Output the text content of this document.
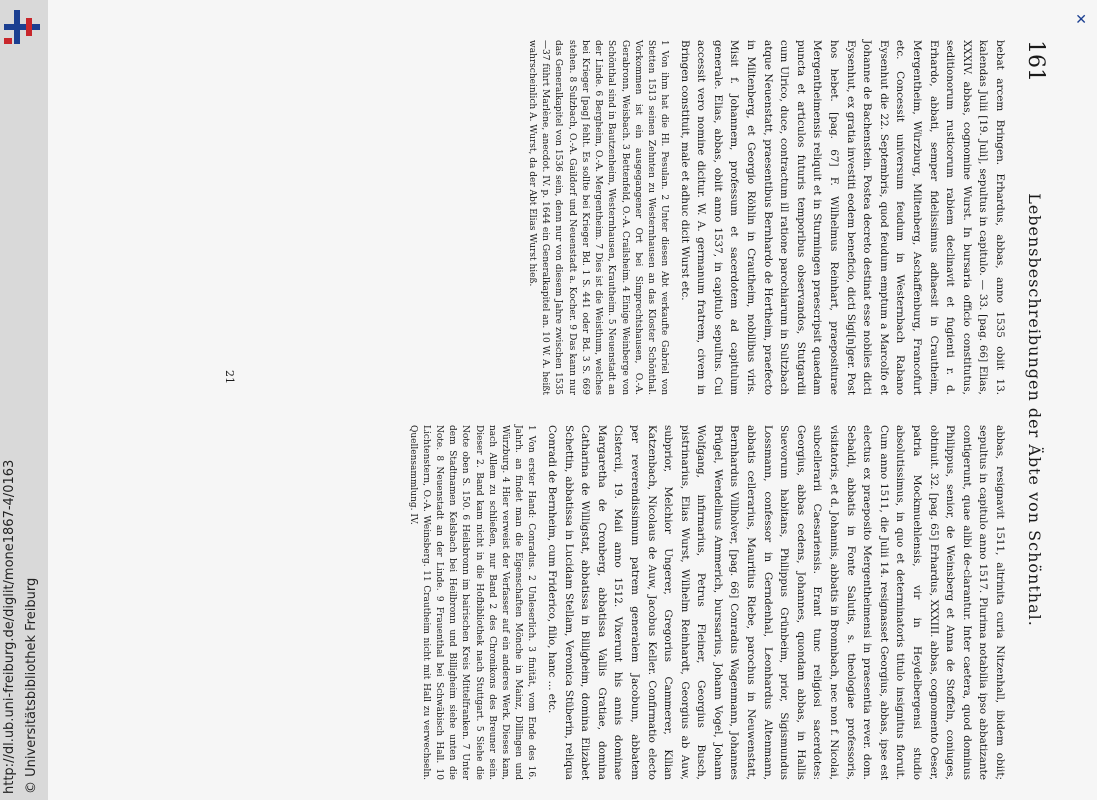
http://dl.ub.uni-freiburg.de/diglit/mone1867-4/0163 © Universitätsbibliothek Freiburg
✕
161
Lebensbeschreibungen der Äbte von Schönthal.

bebat arcem Bringen. Erhardus, abbas, anno 1535 obiit 13. kalendas Julii [19. Juli], sepultus in capitulo. — 33. [pag. 66] Elias, XXXIV. abbas, cognomine Wurst. In bursaria officio constitutus, seditionorum rusticorum rabiem declinavit et fugienti r. d. Erhardo, abbati, semper fidelissimus adhaesit in Crautheim, Mergentheim, Würzburg, Miltenberg, Aschaffenburg, Francofurt etc. Concessit universum feudum in Westernbach Rabano Eysenhut die 22. Septembris, quod feudum emptum a Marcolfo et Johanne de Bachenstein. Postea decreto destinat esse nobiles dicti Eysenhut, ex gratia investiti eodem beneficio, dicti Sigi[n]ger. Post hos hebet. [pag. 67] F. Wilhelmus Reinhart, praepositurae Mergentheimensis reliquit et in Sturmingen praescripsit quaedam puncta et articulos futuris temporibus observandos, Stutgardii cum Ulrico, duce, contractum ill ratione parochiarum in Sultzbach atque Neuenstatt, praesentibus Bernhardo de Hertheim, praefecto in Miltenberg, et Georgio Röhlin in Crautheim, nobilibus viris. Misit f. Johannem, professum et sacerdotem ad capitulum generale. Elias, abbas, obiit anno 1537, in capitulo sepultus. Cui accessit vero nomine dicitur. W. A. germanum fratrem, civem in Bringen constituit, male et adhuc dicit Wurst etc.

1 Von ihm hat die Hl. Pesulan. 2 Unter diesen Abt verkaufte Gabriel von Stetten 1513 seinen Zehnten zu Westernhausen an das Kloster Schönthal. Vorkommen ist ein ausgegangener Ort bei Simprechtshausen, O.-A. Gerabronn, Weisbach. 3 Bettenfeld, O.-A. Crailsheim. 4 Einige Weinberge von Schönthal sind in Bautzenheim, Westernhausen, Krautheim. 5 Neuenstadt an der Linde. 6 Bergheim, O.-A. Mergentheim. 7 Dies ist die Weisthum, welches bei Krieger [pag] fehlt. Es sollte bei Krieger Bd. 1 S. 441 oder Bd. 3 S. 669 stehen. 8 Sulzbach, O.-A. Gaildorf und Neuenstadt a. Kocher. 9 Das kann nur das Generalkapitel von 1536 sein, denn nur von diesem Jahre zwischen 1535—37 führt Marlène, anecdot. IV. p. 1644 ein Generalkapitel an. 10 W. A. heißt wahrscheinlich A. Wurst, da der Abt Elias Wurst hieß.

abbas, resignavit 1511, altrinita curia Nitzenhall, ibidem obiit; sepultus in capitulo anno 1517. Plurima notabilia ipso abbatizante contigerunt, quae alibi de-clarantur. Inter caetera, quod dominus Philippus, senior, de Weinsberg et Anna de Stoffeln, coniuges, obtinuit. 32. [pag. 65] Erhardus, XXXIII. abbas, cognomento Oeser, patria Mockmuehlensis, vir in Heydelbergensi studio absolutissimus, in quo et determinatoris titulo insignitus floruit. Cum anno 1511, die Julii 14. resignasset Georgius, abbas, ipse est electus ex praeposito Mergentheimensi in praesentia rever. dom. Sebaldi, abbatis in Fonte Salutis, s. theologiae professoris, visitatoris, et d. Johannis, abbatis in Bronnbach, nec non f. Nicolai, subcellerarii Caesariensis. Erant tunc religiosi sacerdotes: Georgius, abbas cedens, Johannes, quondam abbas, in Hallis Suevorum habitans, Philippus Grünbeim, prior, Sigismundus Lossmann, confessor in Gerndenhal, Leonhardus Altenmann, abbatis cellerarius, Mauritius Riebe, parochus in Neuwenstatt, Bernhardus Villholver, [pag. 66] Conradus Wagenmann, Johannes Brügel, Wendelinus Ammerich, burssarius, Johann Vogel, Johann Wolfgang, infirmarius, Petrus Fleiner, Georgius Busch, pistrinarius, Elias Wurst, Wilhelm Reinhardt, Georgius ab Auw, subprior, Melchior Ungerer, Gregorius Cammerer, Kilian Katzenbach, Nicolaus de Auw, Jacobus Keller. Confirmatio electo per reverendissimum patrem generalem Jacobum, abbatem Cistercii, 19. Maii anno 1512. Vixerunt his annis dominae Margaretha de Cronberg, abbatissa Vallis Gratiae, domina Catharina de Willigstat, abbatissa in Billigheim, domina Elizabet Schettin, abbatissa in Lucidam Stellam, Veronica Stüberin, reliqua Conradi de Bernheim, cum Friderico, filio, hanc ... etc.

1 Von erster Hand: Conradus. 2 Unleserlich. 3 finität, vom Ende des 16. Jahrh. an findet man die Eigenschaften Mönche in Mainz, Dillingen und Würzburg. 4 Hier verweist der Verfasser auf ein anderes Werk. Dieses kam, nach Allem zu schließen, nur Band 2 des Chronikons des Breuner sein. Dieser 2. Band kam nicht in die Hofbibliothek nach Stuttgart. 5 Siehe die Note oben S. 150. 6 Heilsbronn im bairischen Kreis Mittelfranken. 7 Unter dem Stadtnamen Kelsbach bei Heilbronn und Billigheim siehe unten die Note. 8 Neuenstadt an der Linde. 9 Frauenthal bei Schwäbisch Hall. 10 Lichtenstern, O.-A. Weinsberg. 11 Crautheim nicht mit Hall zu verwechseln. Quellensammlung. IV.

21
